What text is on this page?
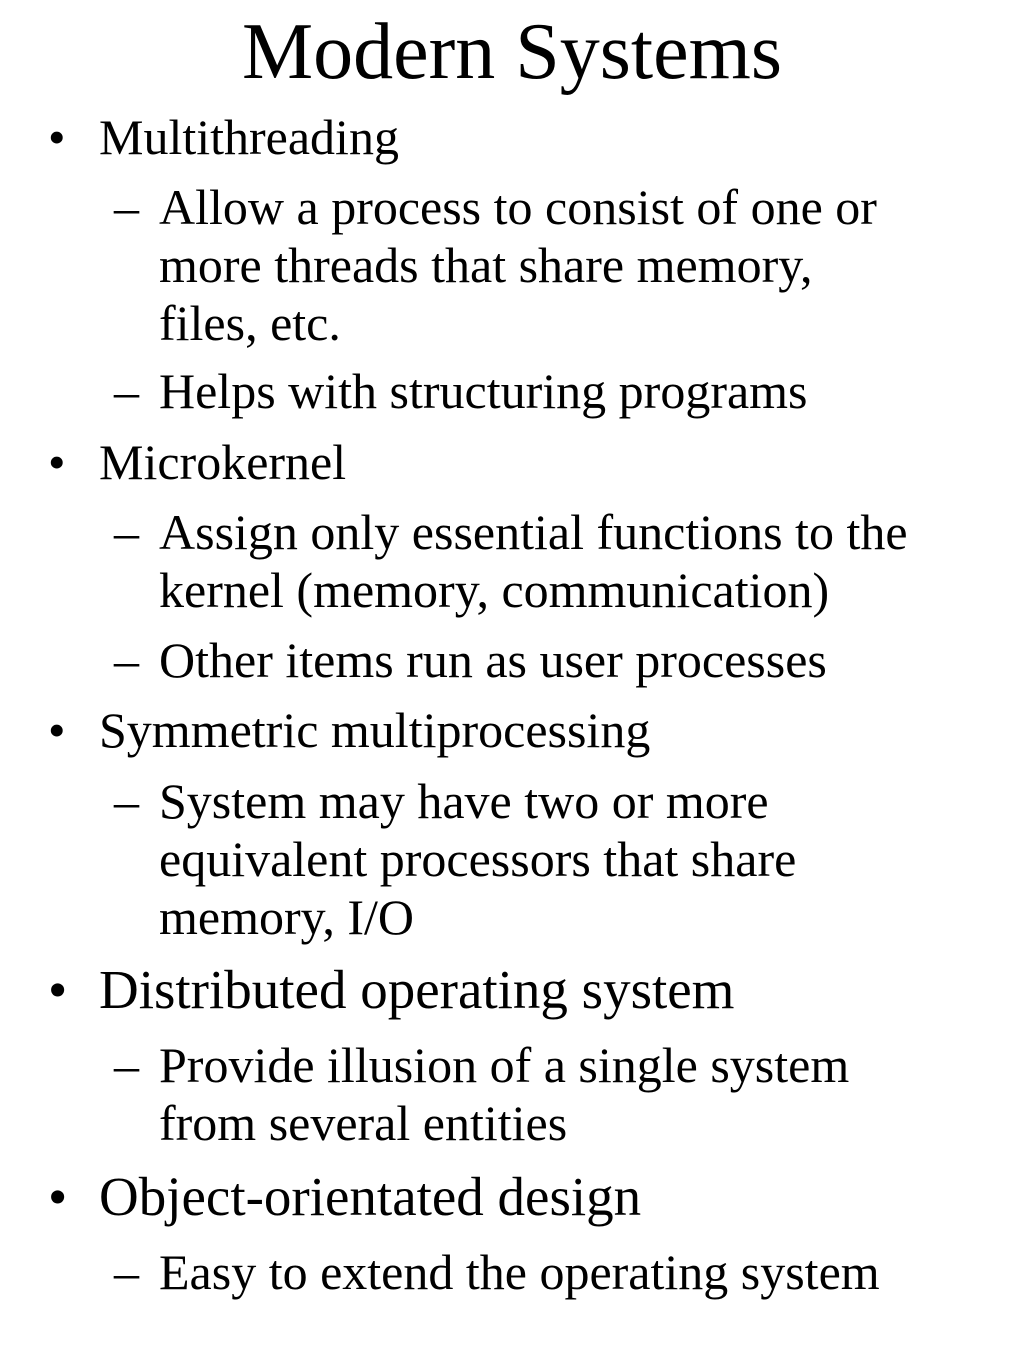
Modern Systems
• Multithreading
– Allow a process to consist of one or
more threads that share memory,
files, etc.
– Helps with structuring programs
• Microkernel
– Assign only essential functions to the
kernel (memory, communication)
– Other items run as user processes
• Symmetric multiprocessing
– System may have two or more
equivalent processors that share
memory, I/O
• Distributed operating system
– Provide illusion of a single system
from several entities
• Object-orientated design
– Easy to extend the operating system
